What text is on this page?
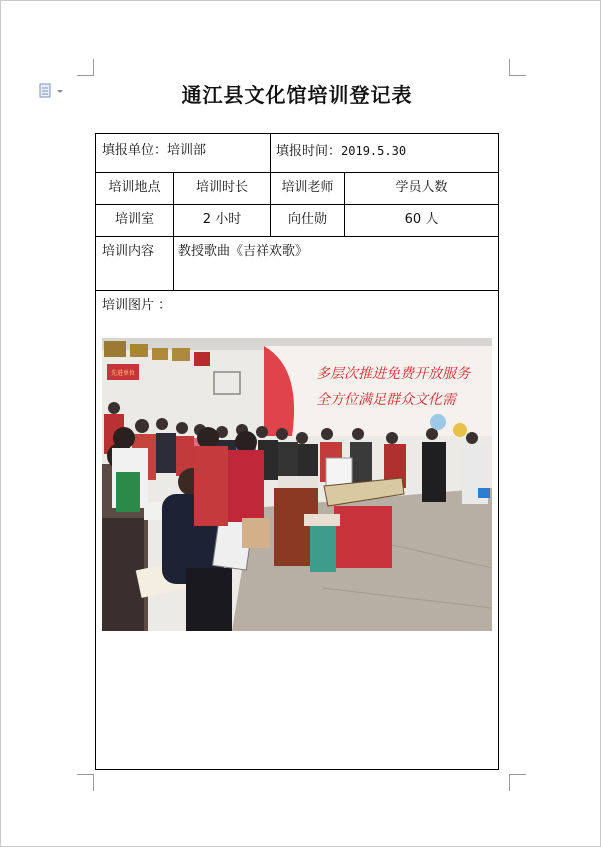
通江县文化馆培训登记表
填报单位：培训部	填报时间：2019.5.30
培训地点	培训时长	培训老师	学员人数
培训室	2 小时	向仕勋	60 人
培训内容 教授歌曲《吉祥欢歌》
培训图片 ：
先进单位	多层次推进免费开放服务
全方位满足群众文化需
